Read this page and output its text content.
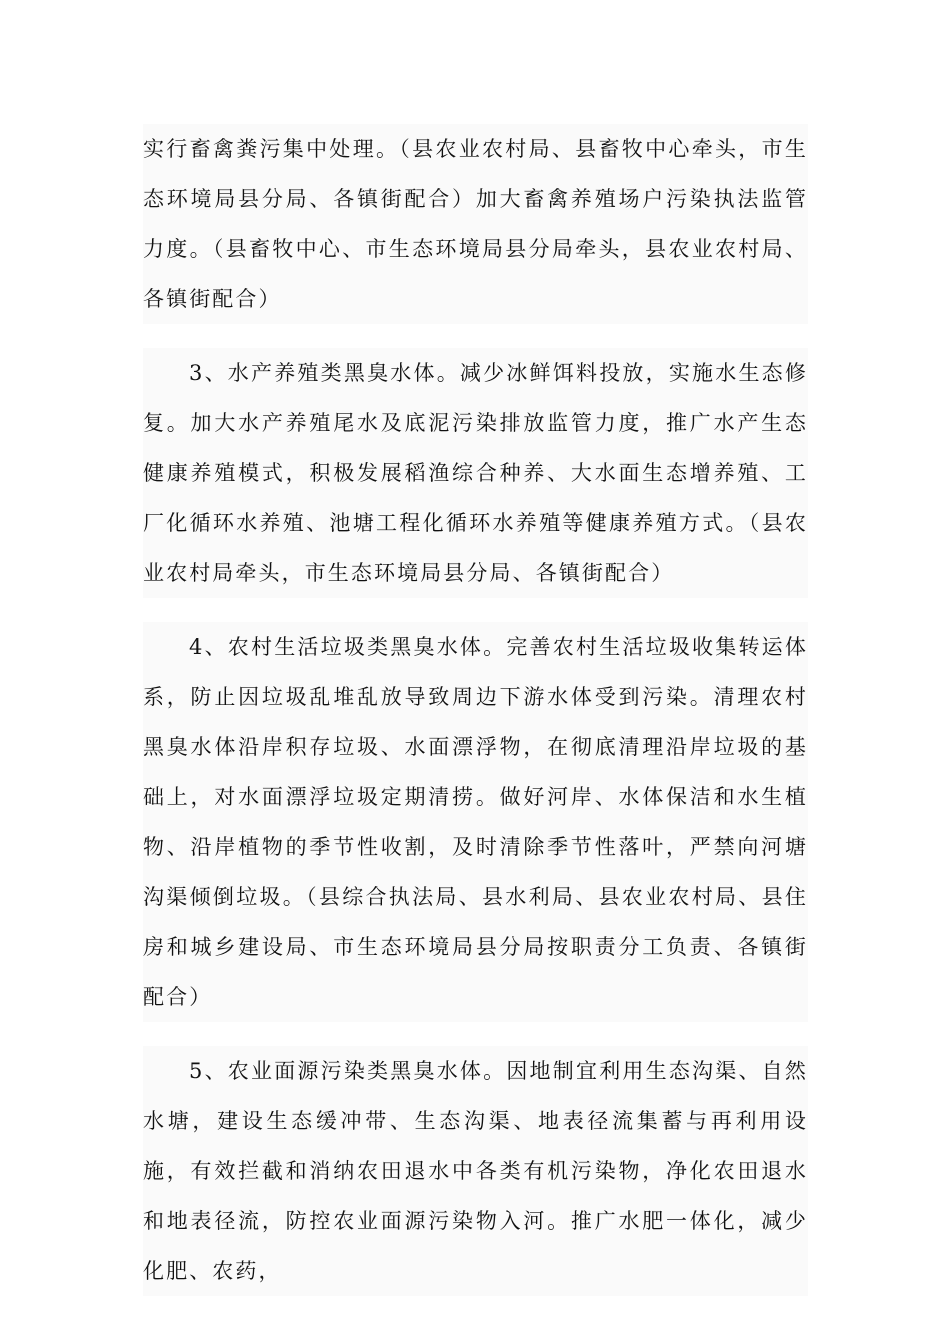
实行畜禽粪污集中处理。（县农业农村局、县畜牧中心牵头，市生态环境局县分局、各镇街配合）加大畜禽养殖场户污染执法监管力度。（县畜牧中心、市生态环境局县分局牵头，县农业农村局、各镇街配合）

3、水产养殖类黑臭水体。减少冰鲜饵料投放，实施水生态修复。加大水产养殖尾水及底泥污染排放监管力度，推广水产生态健康养殖模式，积极发展稻渔综合种养、大水面生态增养殖、工厂化循环水养殖、池塘工程化循环水养殖等健康养殖方式。（县农业农村局牵头，市生态环境局县分局、各镇街配合）

4、农村生活垃圾类黑臭水体。完善农村生活垃圾收集转运体系，防止因垃圾乱堆乱放导致周边下游水体受到污染。清理农村黑臭水体沿岸积存垃圾、水面漂浮物，在彻底清理沿岸垃圾的基础上，对水面漂浮垃圾定期清捞。做好河岸、水体保洁和水生植物、沿岸植物的季节性收割，及时清除季节性落叶，严禁向河塘沟渠倾倒垃圾。（县综合执法局、县水利局、县农业农村局、县住房和城乡建设局、市生态环境局县分局按职责分工负责、各镇街配合）

5、农业面源污染类黑臭水体。因地制宜利用生态沟渠、自然水塘，建设生态缓冲带、生态沟渠、地表径流集蓄与再利用设施，有效拦截和消纳农田退水中各类有机污染物，净化农田退水和地表径流，防控农业面源污染物入河。推广水肥一体化，减少化肥、农药，
